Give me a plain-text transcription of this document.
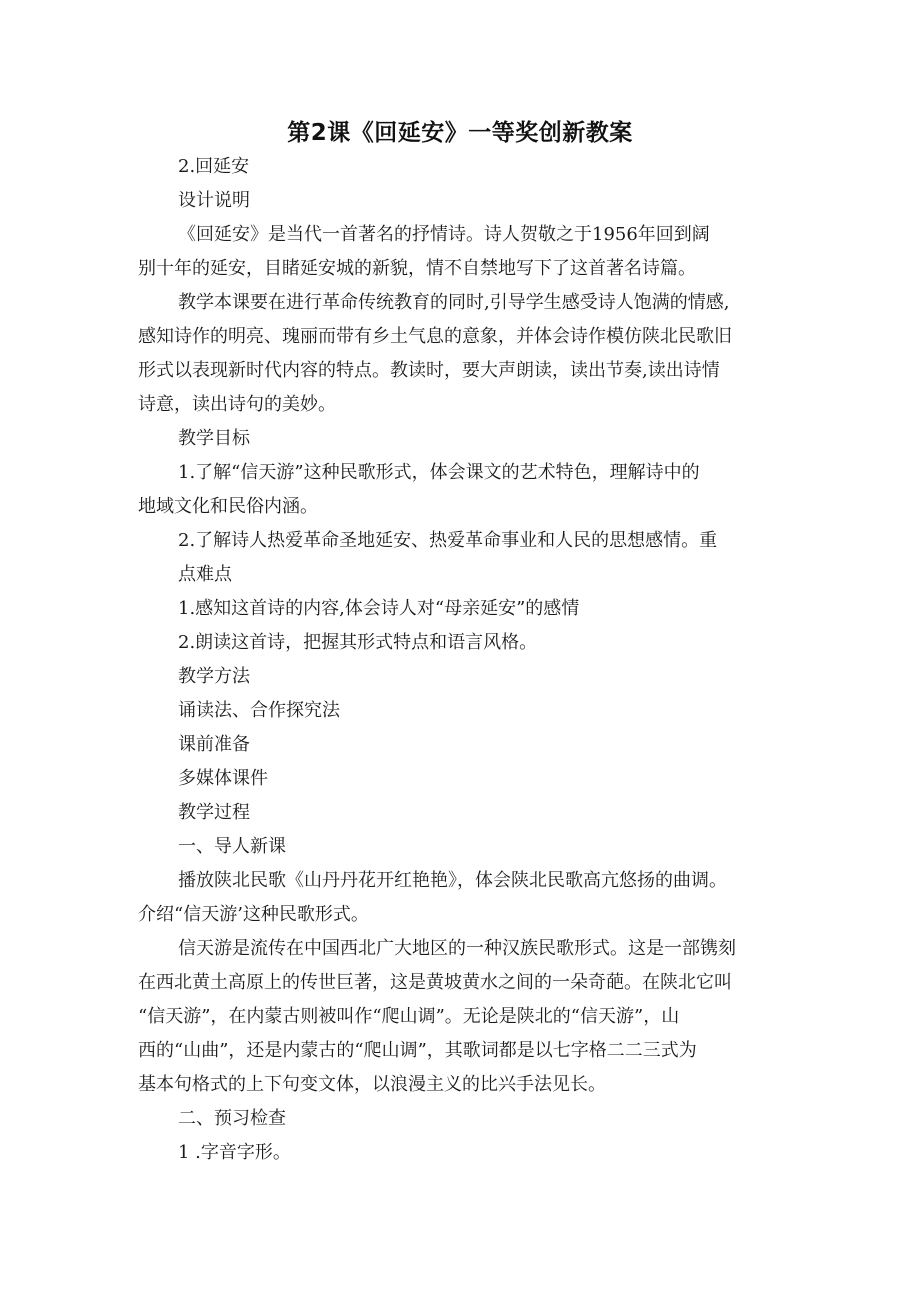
第2课《回延安》一等奖创新教案
2.回延安
设计说明
《回延安》是当代一首著名的抒情诗。诗人贺敬之于1956年回到阔
别十年的延安，目睹延安城的新貌，情不自禁地写下了这首著名诗篇。
教学本课要在进行革命传统教育的同时,引导学生感受诗人饱满的情感,
感知诗作的明亮、瑰丽而带有乡土气息的意象，并体会诗作模仿陕北民歌旧
形式以表现新时代内容的特点。教读时，要大声朗读，读出节奏,读出诗情
诗意，读出诗句的美妙。
教学目标
1.了解“信天游”这种民歌形式，体会课文的艺术特色，理解诗中的
地域文化和民俗内涵。
2.了解诗人热爱革命圣地延安、热爱革命事业和人民的思想感情。重
点难点
1.感知这首诗的内容,体会诗人对“母亲延安”的感情
2.朗读这首诗，把握其形式特点和语言风格。
教学方法
诵读法、合作探究法
课前准备
多媒体课件
教学过程
一、导人新课
播放陕北民歌《山丹丹花开红艳艳》，体会陕北民歌高亢悠扬的曲调。
介绍“信天游’这种民歌形式。
信天游是流传在中国西北广大地区的一种汉族民歌形式。这是一部镌刻
在西北黄土高原上的传世巨著，这是黄坡黄水之间的一朵奇葩。在陕北它叫
“信天游”，在内蒙古则被叫作“爬山调”。无论是陕北的“信天游”，山
西的“山曲”，还是内蒙古的“爬山调”，其歌词都是以七字格二二三式为
基本句格式的上下句变文体，以浪漫主义的比兴手法见长。
二、预习检查
1 .字音字形。
